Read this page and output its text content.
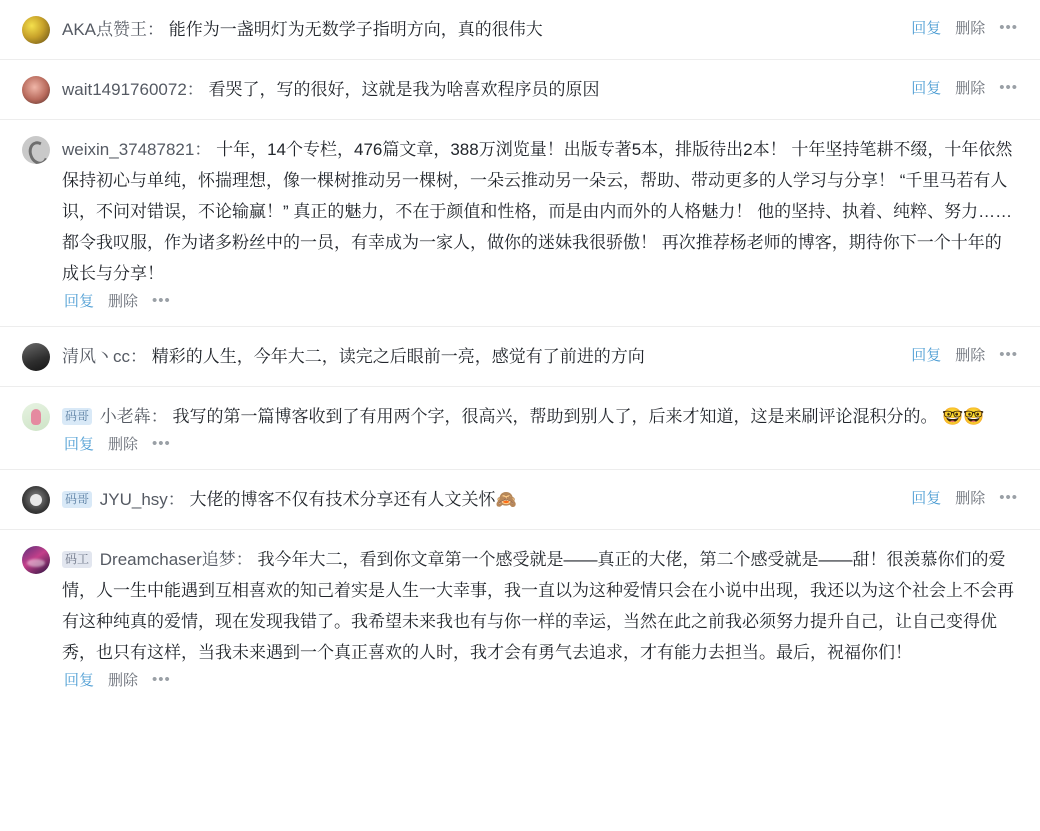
AKA点赞王： 能作为一盏明灯为无数学子指明方向，真的很伟大	回复 删除 •••
wait1491760072： 看哭了，写的很好，这就是我为啥喜欢程序员的原因	回复 删除 •••
weixin_37487821： 十年，14个专栏，476篇文章，388万浏览量！出版专著5本，排版待出2本！ 十年坚持笔耕不缀，十年依然保持初心与单纯，怀揣理想，像一棵树推动另一棵树，一朵云推动另一朵云，帮助、带动更多的人学习与分享！ “千里马若有人识，不问对错误，不论输赢！” 真正的魅力，不在于颜值和性格，而是由内而外的人格魅力！ 他的坚持、执着、纯粹、努力……都令我叹服，作为诸多粉丝中的一员，有幸成为一家人，做你的迷妹我很骄傲！ 再次推荐杨老师的博客，期待你下一个十年的成长与分享！
回复 删除 •••
清风丶cc： 精彩的人生，今年大二，读完之后眼前一亮，感觉有了前进的方向	回复 删除 •••
码哥 小老犇： 我写的第一篇博客收到了有用两个字，很高兴，帮助到别人了，后来才知道，这是来刷评论混积分的。 🤓🤓
回复 删除 •••
码哥 JYU_hsy： 大佬的博客不仅有技术分享还有人文关怀🙈	回复 删除 •••
码工 Dreamchaser追梦： 我今年大二，看到你文章第一个感受就是——真正的大佬，第二个感受就是——甜！很羡慕你们的爱情，人一生中能遇到互相喜欢的知己着实是人生一大幸事，我一直以为这种爱情只会在小说中出现，我还以为这个社会上不会再有这种纯真的爱情，现在发现我错了。我希望未来我也有与你一样的幸运，当然在此之前我必须努力提升自己，让自己变得优秀，也只有这样，当我未来遇到一个真正喜欢的人时，我才会有勇气去追求，才有能力去担当。最后，祝福你们！
回复 删除 •••
